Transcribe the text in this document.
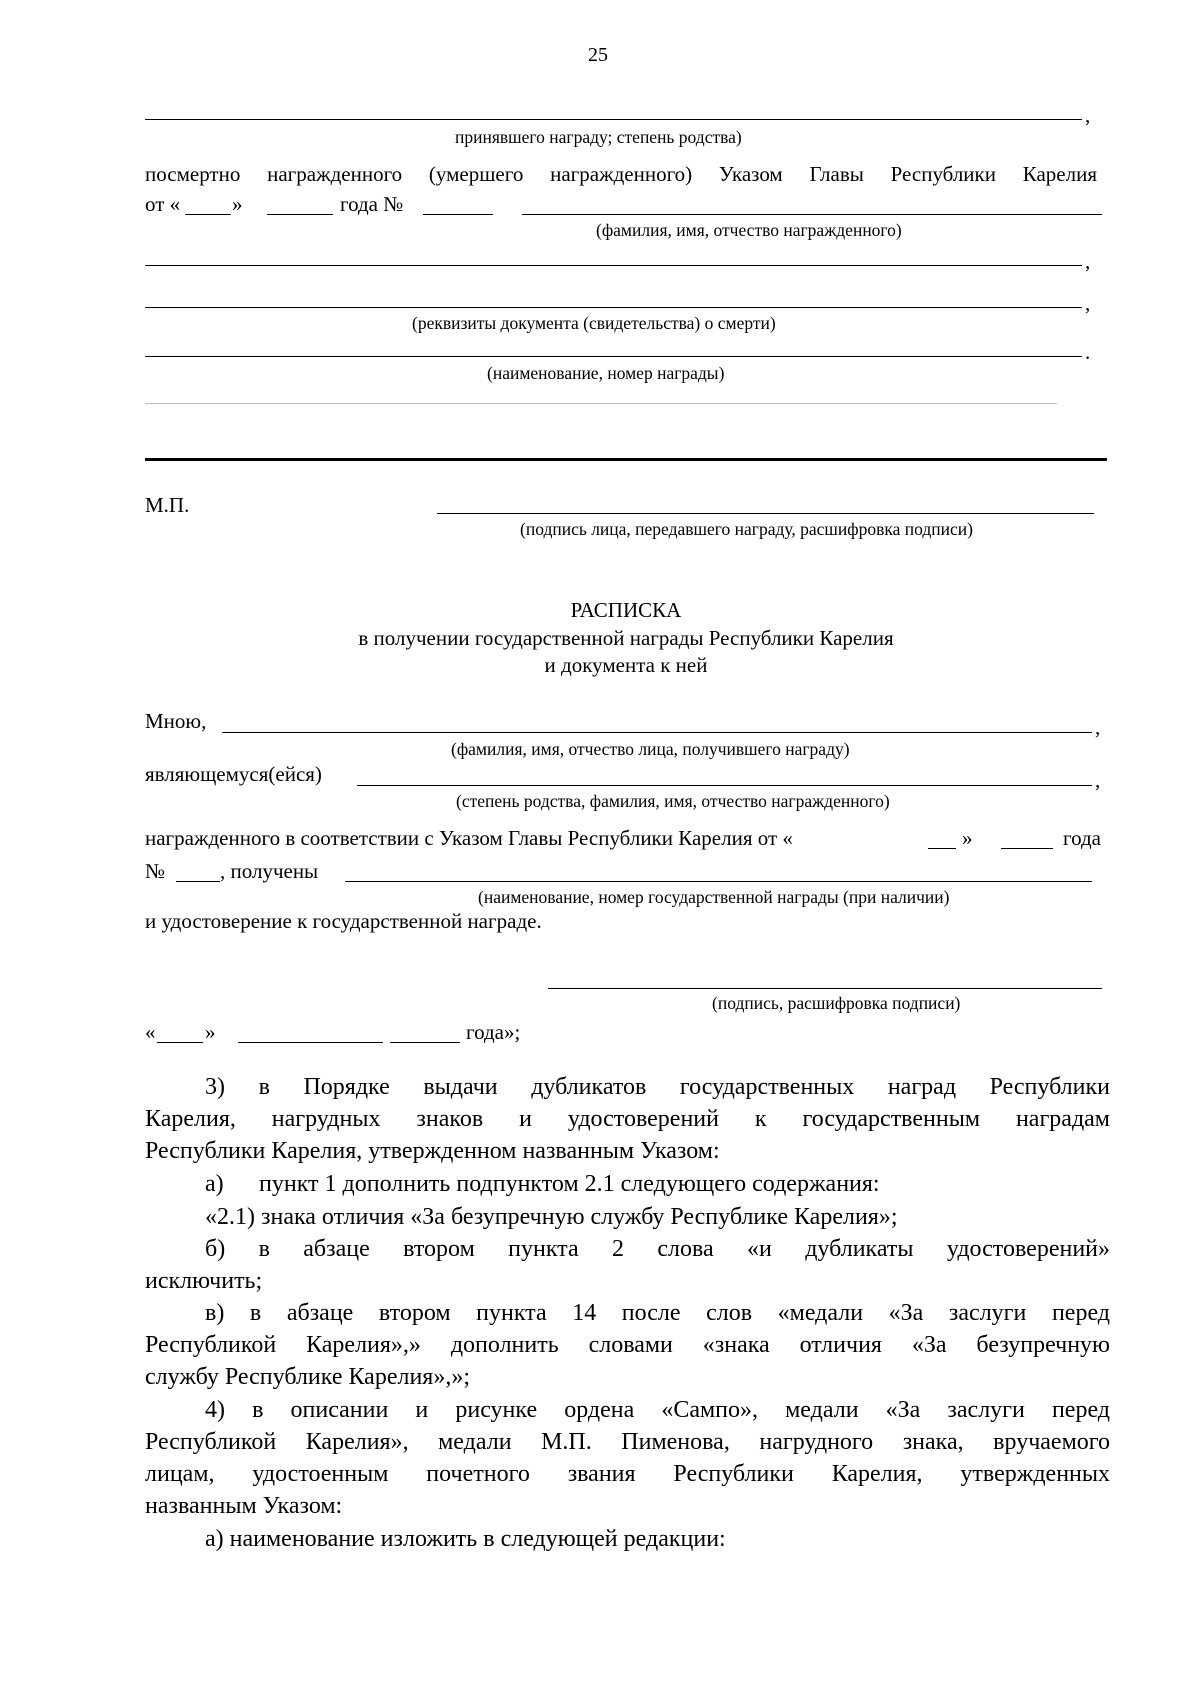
25
,
принявшего награду; степень родства)
посмертно награжденного (умершего награжденного) Указом Главы Республики Карелия
от « »	года №
(фамилия, имя, отчество награжденного)
,
,
(реквизиты документа (свидетельства) о смерти)
.
(наименование, номер награды)
М.П.
(подпись лица, передавшего награду, расшифровка подписи)
РАСПИСКА
в получении государственной награды Республики Карелия
и документа к ней
Мною,	,
(фамилия, имя, отчество лица, получившего награду)
являющемуся(ейся)	,
(степень родства, фамилия, имя, отчество награжденного)
награжденного в соответствии с Указом Главы Республики Карелия от «	»	года
№	, получены
(наименование, номер государственной награды (при наличии)
и удостоверение к государственной награде.
(подпись, расшифровка подписи)
« »	года»;
3) в Порядке выдачи дубликатов государственных наград Республики
Карелия, нагрудных знаков и удостоверений к государственным наградам
Республики Карелия, утвержденном названным Указом:
а) пункт 1 дополнить подпунктом 2.1 следующего содержания:
«2.1) знака отличия «За безупречную службу Республике Карелия»;
б) в абзаце втором пункта 2 слова «и дубликаты удостоверений»
исключить;
в) в абзаце втором пункта 14 после слов «медали «За заслуги перед
Республикой Карелия»,» дополнить словами «знака отличия «За безупречную
службу Республике Карелия»,»;
4) в описании и рисунке ордена «Сампо», медали «За заслуги перед
Республикой Карелия», медали М.П. Пименова, нагрудного знака, вручаемого
лицам, удостоенным почетного звания Республики Карелия, утвержденных
названным Указом:
а) наименование изложить в следующей редакции:
